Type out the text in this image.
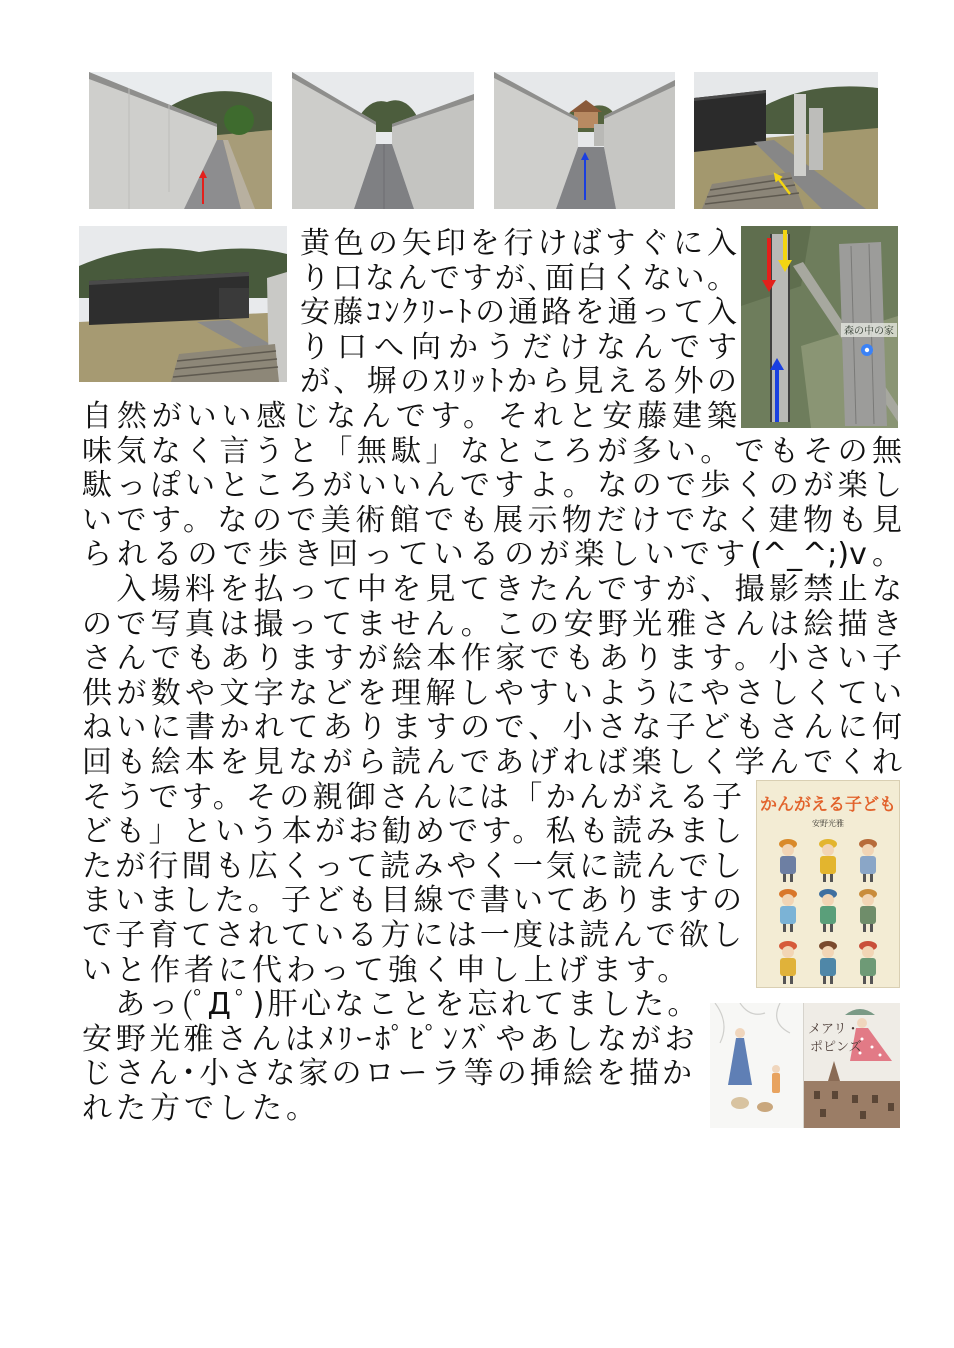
森の中の家
かんがえる子ども
安野光雅
メアリ・
ポピンズ
黄色の矢印を行けばすぐに入
り口なんですが､面白くない。
安藤ｺﾝｸﾘｰﾄの通路を通って入
り口へ向かうだけなんです
が、塀のｽﾘｯﾄから見える外の
自然がいい感じなんです。それと安藤建築
味気なく言うと「無駄」なところが多い。でもその無
駄っぽいところがいいんですよ。なので歩くのが楽し
いです。なので美術館でも展示物だけでなく建物も見
られるので歩き回っているのが楽しいです(^_^;)v。
　入場料を払って中を見てきたんですが、撮影禁止な
ので写真は撮ってません。この安野光雅さんは絵描き
さんでもありますが絵本作家でもあります。小さい子
供が数や文字などを理解しやすいようにやさしくてい
ねいに書かれてありますので、小さな子どもさんに何
回も絵本を見ながら読んであげれば楽しく学んでくれ
そうです。その親御さんには「かんがえる子
ども」という本がお勧めです。私も読みまし
たが行間も広くって読みやく一気に読んでし
まいました。子ども目線で書いてありますの
で子育てされている方には一度は読んで欲し
いと作者に代わって強く申し上げます。
　あっ(ﾟДﾟ)肝心なことを忘れてました。
安野光雅さんはﾒﾘｰﾎﾟﾋﾟﾝｽﾞやあしながお
じさん･小さな家のローラ等の挿絵を描か
れた方でした。
